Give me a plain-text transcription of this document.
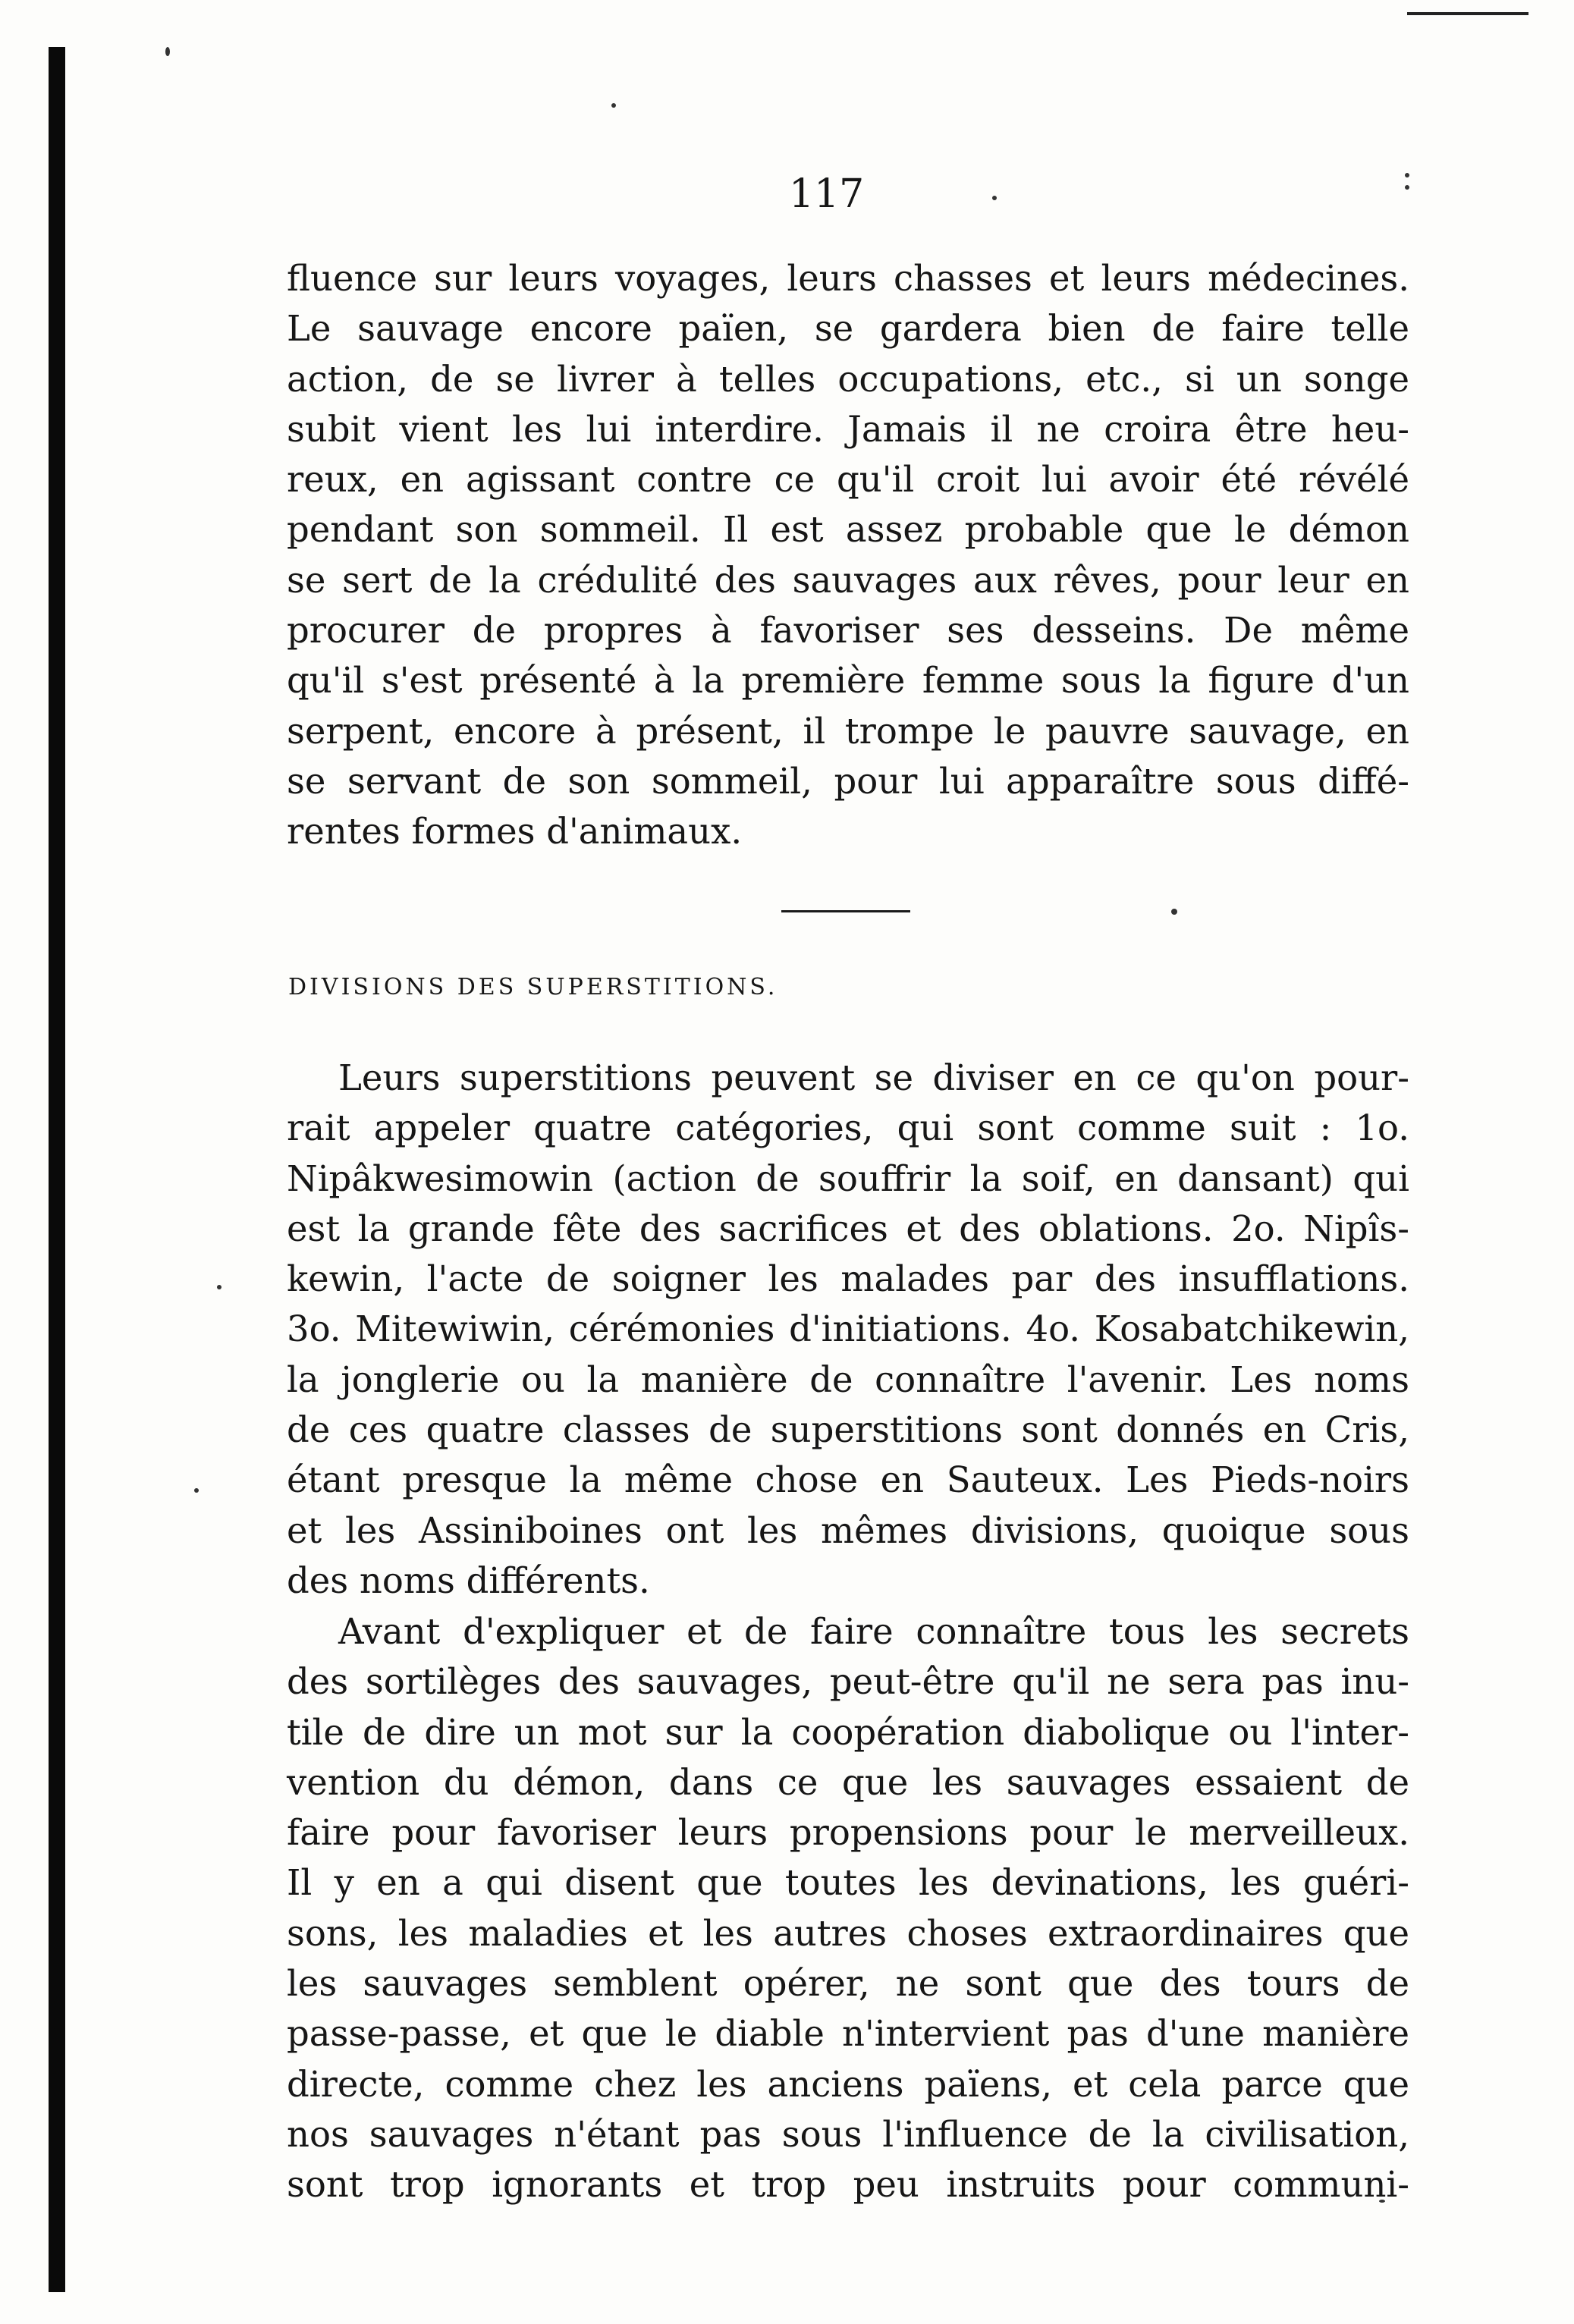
117
fluence sur leurs voyages, leurs chasses et leurs médecines.
Le sauvage encore païen, se gardera bien de faire telle
action, de se livrer à telles occupations, etc., si un songe
subit vient les lui interdire. Jamais il ne croira être heu-
reux, en agissant contre ce qu'il croit lui avoir été révélé
pendant son sommeil. Il est assez probable que le démon
se sert de la crédulité des sauvages aux rêves, pour leur en
procurer de propres à favoriser ses desseins. De même
qu'il s'est présenté à la première femme sous la figure d'un
serpent, encore à présent, il trompe le pauvre sauvage, en
se servant de son sommeil, pour lui apparaître sous diffé-
rentes formes d'animaux.
DIVISIONS DES SUPERSTITIONS.
Leurs superstitions peuvent se diviser en ce qu'on pour-
rait appeler quatre catégories, qui sont comme suit : 1o.
Nipâkwesimowin (action de souffrir la soif, en dansant) qui
est la grande fête des sacrifices et des oblations. 2o. Nipîs-
kewin, l'acte de soigner les malades par des insufflations.
3o. Mitewiwin, cérémonies d'initiations. 4o. Kosabatchikewin,
la jonglerie ou la manière de connaître l'avenir. Les noms
de ces quatre classes de superstitions sont donnés en Cris,
étant presque la même chose en Sauteux. Les Pieds-noirs
et les Assiniboines ont les mêmes divisions, quoique sous
des noms différents.
Avant d'expliquer et de faire connaître tous les secrets
des sortilèges des sauvages, peut-être qu'il ne sera pas inu-
tile de dire un mot sur la coopération diabolique ou l'inter-
vention du démon, dans ce que les sauvages essaient de
faire pour favoriser leurs propensions pour le merveilleux.
Il y en a qui disent que toutes les devinations, les guéri-
sons, les maladies et les autres choses extraordinaires que
les sauvages semblent opérer, ne sont que des tours de
passe-passe, et que le diable n'intervient pas d'une manière
directe, comme chez les anciens païens, et cela parce que
nos sauvages n'étant pas sous l'influence de la civilisation,
sont trop ignorants et trop peu instruits pour communi-
